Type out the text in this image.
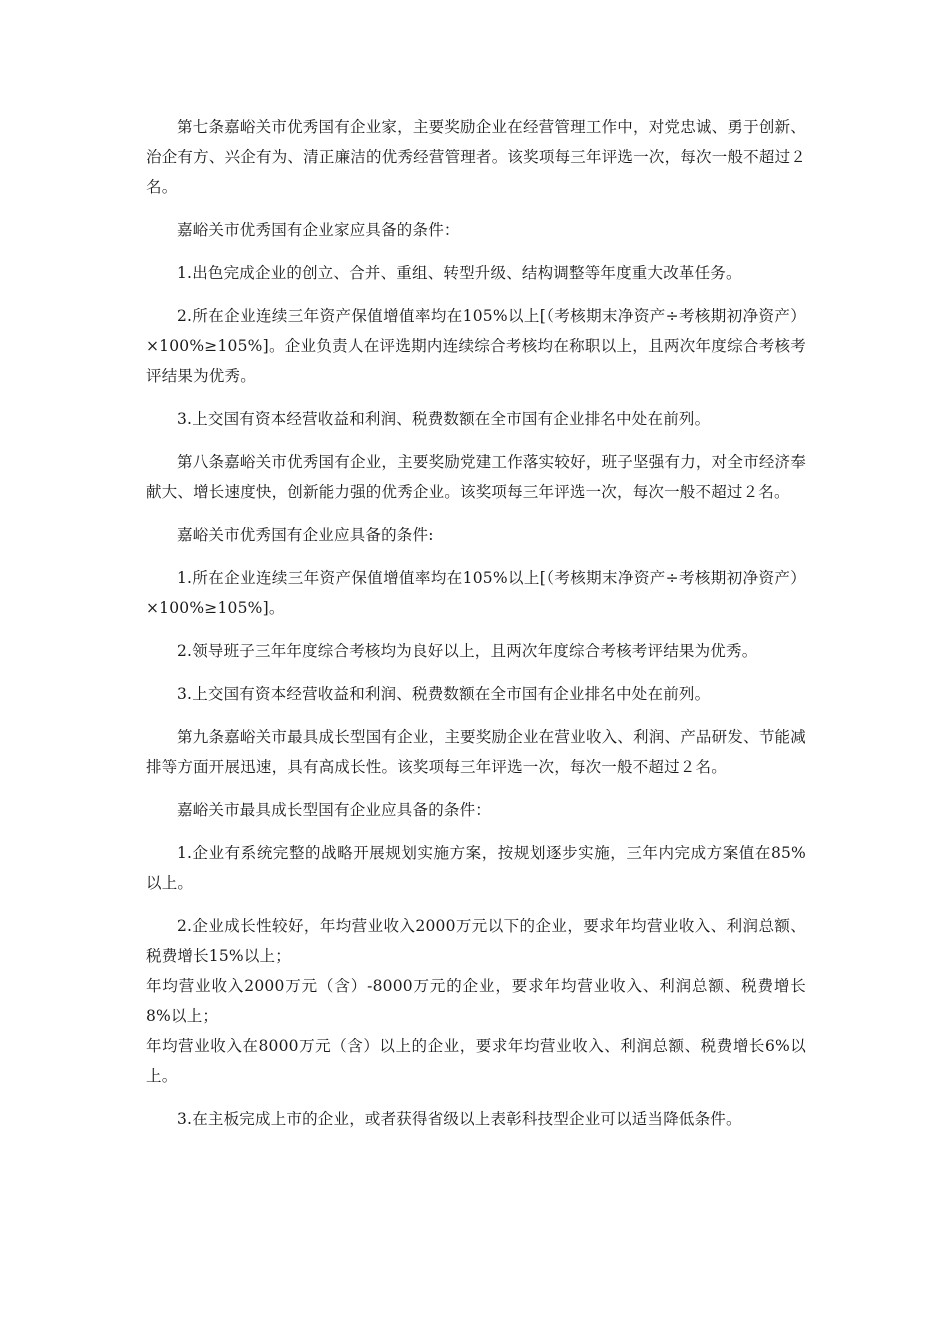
第七条嘉峪关市优秀国有企业家，主要奖励企业在经营管理工作中，对党忠诚、勇于创新、治企有方、兴企有为、清正廉洁的优秀经营管理者。该奖项每三年评选一次，每次一般不超过２名。

嘉峪关市优秀国有企业家应具备的条件：

1.出色完成企业的创立、合并、重组、转型升级、结构调整等年度重大改革任务。

2.所在企业连续三年资产保值增值率均在105%以上[（考核期末净资产÷考核期初净资产）×100%≥105%]。企业负责人在评选期内连续综合考核均在称职以上，且两次年度综合考核考评结果为优秀。

3.上交国有资本经营收益和利润、税费数额在全市国有企业排名中处在前列。

第八条嘉峪关市优秀国有企业，主要奖励党建工作落实较好，班子坚强有力，对全市经济奉献大、增长速度快，创新能力强的优秀企业。该奖项每三年评选一次，每次一般不超过２名。

嘉峪关市优秀国有企业应具备的条件:

1.所在企业连续三年资产保值增值率均在105%以上[（考核期末净资产÷考核期初净资产）×100%≥105%]。

2.领导班子三年年度综合考核均为良好以上，且两次年度综合考核考评结果为优秀。

3.上交国有资本经营收益和利润、税费数额在全市国有企业排名中处在前列。

第九条嘉峪关市最具成长型国有企业，主要奖励企业在营业收入、利润、产品研发、节能减排等方面开展迅速，具有高成长性。该奖项每三年评选一次，每次一般不超过２名。

嘉峪关市最具成长型国有企业应具备的条件：

1.企业有系统完整的战略开展规划实施方案，按规划逐步实施，三年内完成方案值在85%以上。

2.企业成长性较好，年均营业收入2000万元以下的企业，要求年均营业收入、利润总额、税费增长15%以上；

年均营业收入2000万元（含）-8000万元的企业，要求年均营业收入、利润总额、税费增长8%以上；

年均营业收入在8000万元（含）以上的企业，要求年均营业收入、利润总额、税费增长6%以上。

3.在主板完成上市的企业，或者获得省级以上表彰科技型企业可以适当降低条件。
